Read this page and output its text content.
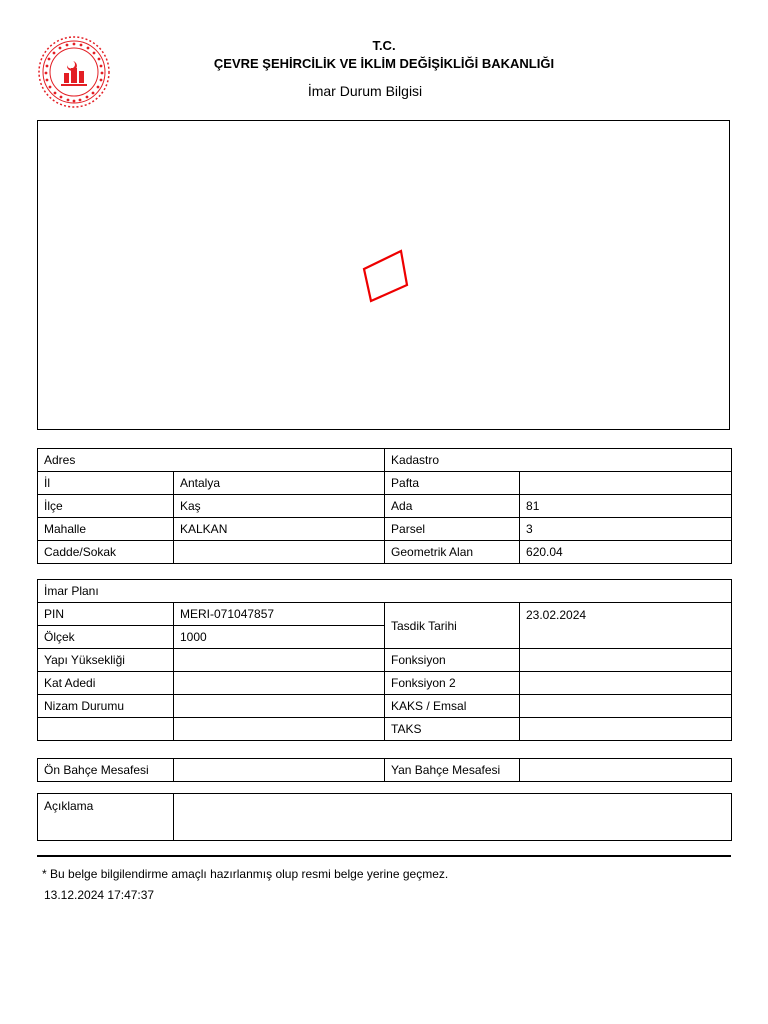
T.C.
ÇEVRE ŞEHİRCİLİK VE İKLİM DEĞİŞİKLİĞİ BAKANLIĞI
İmar Durum Bilgisi
Adres		Kadastro	
İl	Antalya	Pafta	
İlçe	Kaş	Ada	81
Mahalle	KALKAN	Parsel	3
Cadde/Sokak		Geometrik Alan	620.04
İmar Planı			
PIN	MERI-071047857	Tasdik Tarihi	23.02.2024
Ölçek	1000		
Yapı Yüksekliği		Fonksiyon	
Kat Adedi		Fonksiyon 2	
Nizam Durumu		KAKS / Emsal	
		TAKS	
Ön Bahçe Mesafesi		Yan Bahçe Mesafesi	
Açıklama	
* Bu belge bilgilendirme amaçlı hazırlanmış olup resmi belge yerine geçmez.
13.12.2024 17:47:37
